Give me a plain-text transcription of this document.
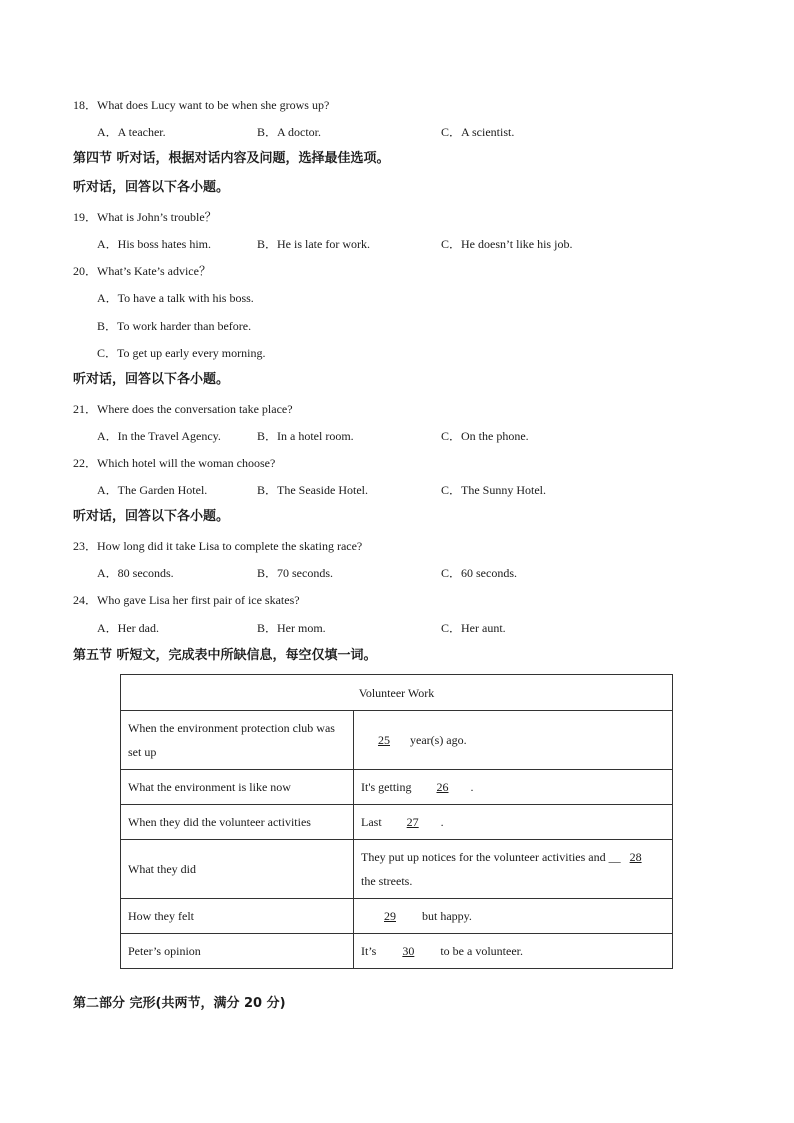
18．What does Lucy want to be when she grows up?
A．A teacher.	B．A doctor.	C．A scientist.
第四节 听对话，根据对话内容及问题，选择最佳选项。
听对话，回答以下各小题。
19．What is John’s trouble？
A．His boss hates him.	B．He is late for work.	C．He doesn’t like his job.
20．What’s Kate’s advice？
A．To have a talk with his boss.
B．To work harder than before.
C．To get up early every morning.
听对话，回答以下各小题。
21．Where does the conversation take place?
A．In the Travel Agency.	B．In a hotel room.	C．On the phone.
22．Which hotel will the woman choose?
A．The Garden Hotel.	B．The Seaside Hotel.	C．The Sunny Hotel.
听对话，回答以下各小题。
23．How long did it take Lisa to complete the skating race?
A．80 seconds.	B．70 seconds.	C．60 seconds.
24．Who gave Lisa her first pair of ice skates?
A．Her dad.	B．Her mom.	C．Her aunt.
第五节 听短文，完成表中所缺信息，每空仅填一词。
Volunteer Work	
When the environment protection club was set up	25 year(s) ago.
What the environment is like now	It's getting 26 .
When they did the volunteer activities	Last 27 .
What they did	They put up notices for the volunteer activities and __ 28 the streets.
How they felt	29 but happy.
Peter’s opinion	It’s 30 to be a volunteer.
第二部分 完形(共两节，满分 20 分)
